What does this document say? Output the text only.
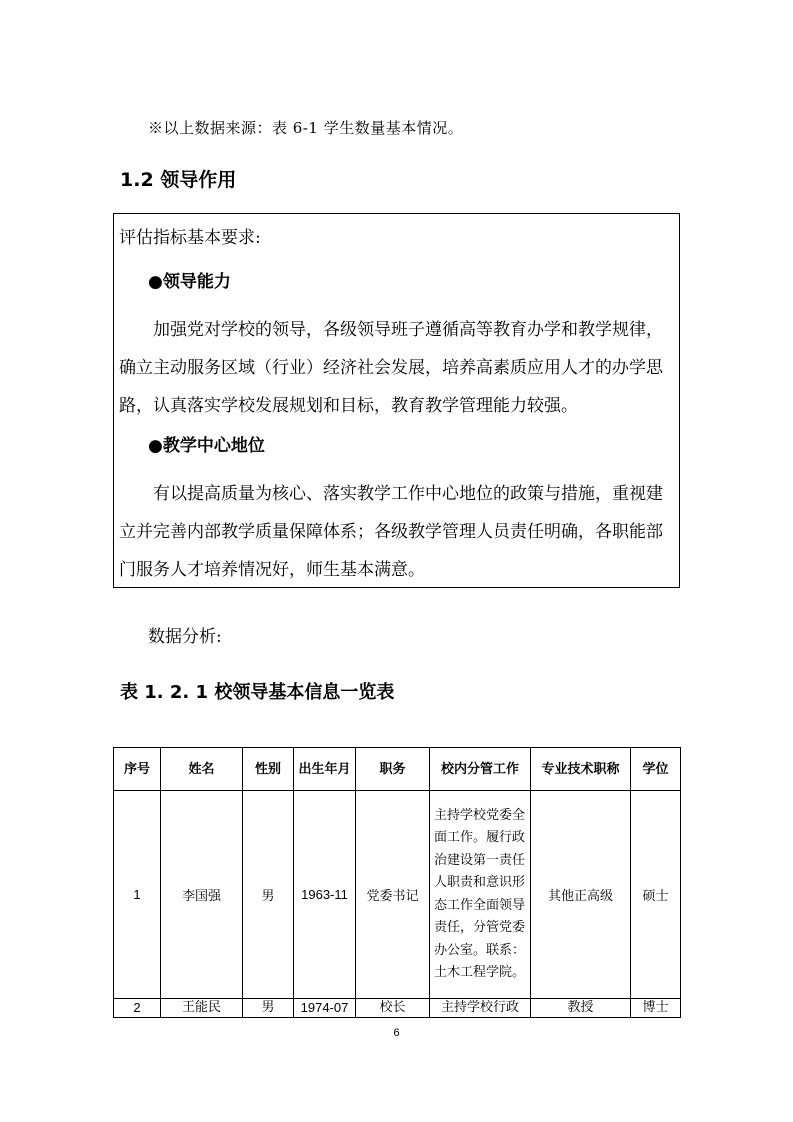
※以上数据来源：表 6-1 学生数量基本情况。
1.2 领导作用

评估指标基本要求:

●领导能力

加强党对学校的领导，各级领导班子遵循高等教育办学和教学规律，确立主动服务区域（行业）经济社会发展，培养高素质应用人才的办学思路，认真落实学校发展规划和目标，教育教学管理能力较强。

●教学中心地位

有以提高质量为核心、落实教学工作中心地位的政策与措施，重视建立并完善内部教学质量保障体系；各级教学管理人员责任明确，各职能部门服务人才培养情况好，师生基本满意。

数据分析:
表 1. 2. 1 校领导基本信息一览表
序号	姓名	性别	出生年月	职务	校内分管工作	专业技术职称	学位
1	李国强	男	1963-11	党委书记	主持学校党委全面工作。履行政治建设第一责任人职责和意识形态工作全面领导责任，分管党委办公室。联系：土木工程学院。	其他正高级	硕士
2	王能民	男	1974-07	校长	主持学校行政	教授	博士
6
